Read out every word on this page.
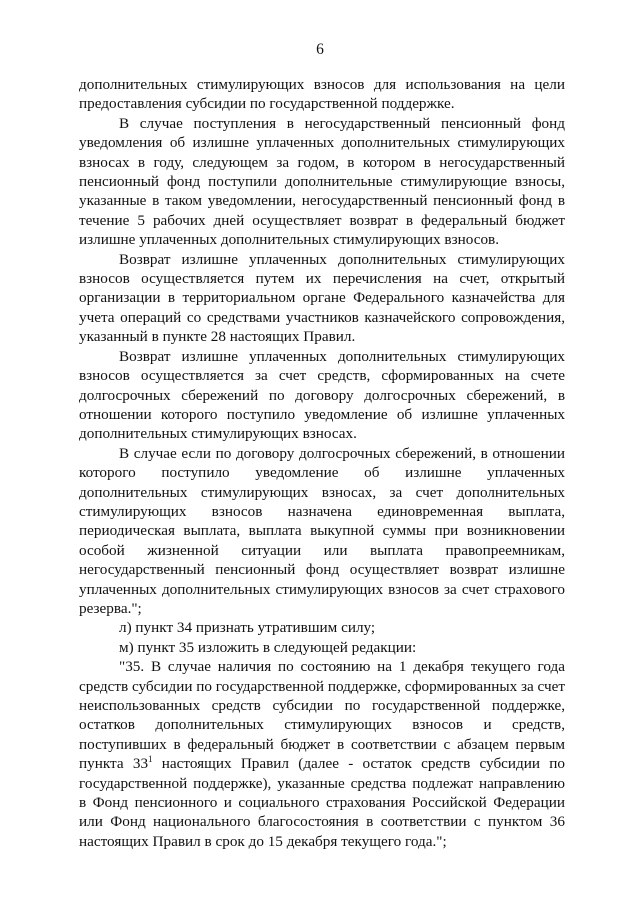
6

дополнительных стимулирующих взносов для использования на цели предоставления субсидии по государственной поддержке.

В случае поступления в негосударственный пенсионный фонд уведомления об излишне уплаченных дополнительных стимулирующих взносах в году, следующем за годом, в котором в негосударственный пенсионный фонд поступили дополнительные стимулирующие взносы, указанные в таком уведомлении, негосударственный пенсионный фонд в течение 5 рабочих дней осуществляет возврат в федеральный бюджет излишне уплаченных дополнительных стимулирующих взносов.

Возврат излишне уплаченных дополнительных стимулирующих взносов осуществляется путем их перечисления на счет, открытый организации в территориальном органе Федерального казначейства для учета операций со средствами участников казначейского сопровождения, указанный в пункте 28 настоящих Правил.

Возврат излишне уплаченных дополнительных стимулирующих взносов осуществляется за счет средств, сформированных на счете долгосрочных сбережений по договору долгосрочных сбережений, в отношении которого поступило уведомление об излишне уплаченных дополнительных стимулирующих взносах.

В случае если по договору долгосрочных сбережений, в отношении которого поступило уведомление об излишне уплаченных дополнительных стимулирующих взносах, за счет дополнительных стимулирующих взносов назначена единовременная выплата, периодическая выплата, выплата выкупной суммы при возникновении особой жизненной ситуации или выплата правопреемникам, негосударственный пенсионный фонд осуществляет возврат излишне уплаченных дополнительных стимулирующих взносов за счет страхового резерва.";

л) пункт 34 признать утратившим силу;

м) пункт 35 изложить в следующей редакции:

"35. В случае наличия по состоянию на 1 декабря текущего года средств субсидии по государственной поддержке, сформированных за счет неиспользованных средств субсидии по государственной поддержке, остатков дополнительных стимулирующих взносов и средств, поступивших в федеральный бюджет в соответствии с абзацем первым пункта $33^1$ настоящих Правил (далее - остаток средств субсидии по государственной поддержке), указанные средства подлежат направлению в Фонд пенсионного и социального страхования Российской Федерации или Фонд национального благосостояния в соответствии с пунктом 36 настоящих Правил в срок до 15 декабря текущего года.";
